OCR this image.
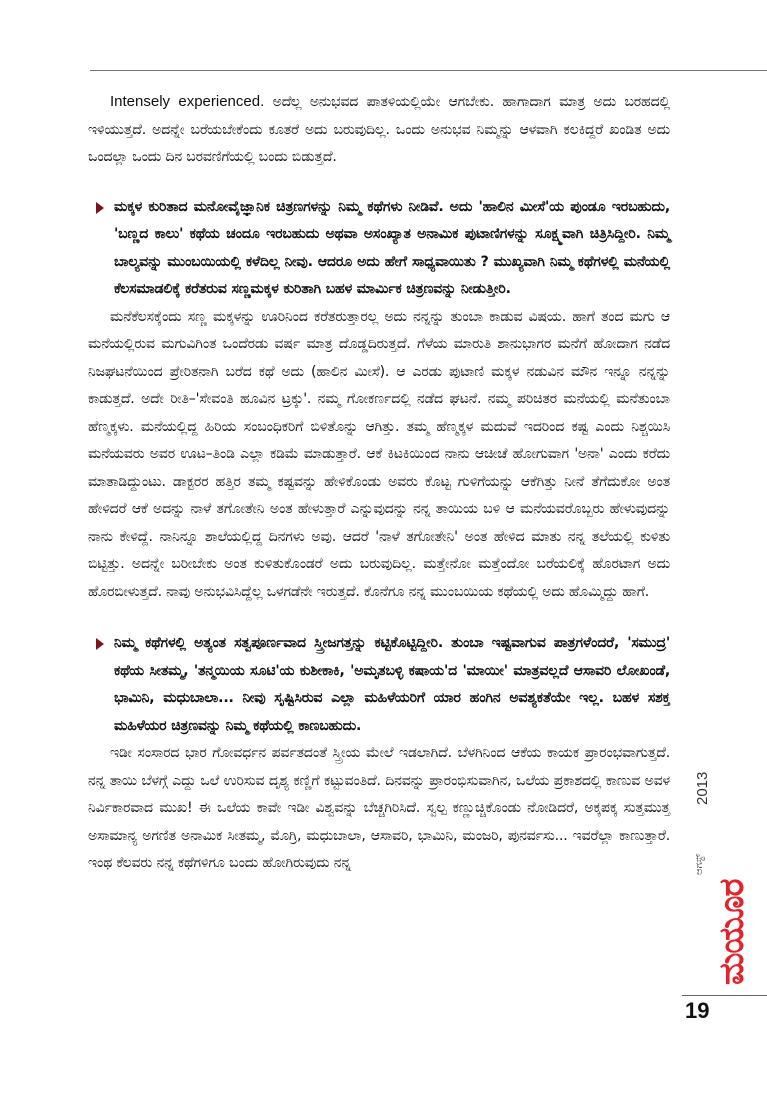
Intensely experienced. ಅದೆಲ್ಲ ಅನುಭವದ ಪಾತಳಿಯಲ್ಲಿಯೇ ಆಗಬೇಕು. ಹಾಗಾದಾಗ ಮಾತ್ರ ಅದು ಬರಹದಲ್ಲಿ ಇಳಿಯುತ್ತದೆ. ಅದನ್ನೇ ಬರೆಯಬೇಕೆಂದು ಕೂತರೆ ಅದು ಬರುವುದಿಲ್ಲ. ಒಂದು ಅನುಭವ ನಿಮ್ಮನ್ನು ಆಳವಾಗಿ ಕಲಕಿದ್ದರೆ ಖಂಡಿತ ಅದು ಒಂದಲ್ಲಾ ಒಂದು ದಿನ ಬರವಣಿಗೆಯಲ್ಲಿ ಬಂದು ಬಿಡುತ್ತದೆ.

ಮಕ್ಕಳ ಕುರಿತಾದ ಮನೋವೈಜ್ಞಾನಿಕ ಚಿತ್ರಣಗಳನ್ನು ನಿಮ್ಮ ಕಥೆಗಳು ನೀಡಿವೆ. ಅದು 'ಹಾಲಿನ ಮೀಸೆ'ಯ ಪುಂಡೂ ಇರಬಹುದು, 'ಬಣ್ಣದ ಕಾಲು' ಕಥೆಯ ಚಂದೂ ಇರಬಹುದು ಅಥವಾ ಅಸಂಖ್ಯಾತ ಅನಾಮಿಕ ಪುಟಾಣಿಗಳನ್ನು ಸೂಕ್ಷ್ಮವಾಗಿ ಚಿತ್ರಿಸಿದ್ದೀರಿ. ನಿಮ್ಮ ಬಾಲ್ಯವನ್ನು ಮುಂಬಯಿಯಲ್ಲಿ ಕಳೆದಿಲ್ಲ ನೀವು. ಆದರೂ ಅದು ಹೇಗೆ ಸಾಧ್ಯವಾಯಿತು ? ಮುಖ್ಯವಾಗಿ ನಿಮ್ಮ ಕಥೆಗಳಲ್ಲಿ ಮನೆಯಲ್ಲಿ ಕೆಲಸಮಾಡಲಿಕ್ಕೆ ಕರೆತರುವ ಸಣ್ಣಮಕ್ಕಳ ಕುರಿತಾಗಿ ಬಹಳ ಮಾರ್ಮಿಕ ಚಿತ್ರಣವನ್ನು ನೀಡುತ್ತೀರಿ.

ಮನೆಕೆಲಸಕ್ಕೆಂದು ಸಣ್ಣ ಮಕ್ಕಳನ್ನು ಊರಿನಿಂದ ಕರೆತರುತ್ತಾರಲ್ಲ ಅದು ನನ್ನನ್ನು ತುಂಬಾ ಕಾಡುವ ವಿಷಯ. ಹಾಗೆ ತಂದ ಮಗು ಆ ಮನೆಯಲ್ಲಿರುವ ಮಗುವಿಗಿಂತ ಒಂದೆರಡು ವರ್ಷ ಮಾತ್ರ ದೊಡ್ಡದಿರುತ್ತದೆ. ಗೆಳೆಯ ಮಾರುತಿ ಶಾನುಭಾಗರ ಮನೆಗೆ ಹೋದಾಗ ನಡೆದ ನಿಜಘಟನೆಯಿಂದ ಪ್ರೇರಿತನಾಗಿ ಬರೆದ ಕಥೆ ಅದು (ಹಾಲಿನ ಮೀಸೆ). ಆ ಎರಡು ಪುಟಾಣಿ ಮಕ್ಕಳ ನಡುವಿನ ಮೌನ ಇನ್ನೂ ನನ್ನನ್ನು ಕಾಡುತ್ತದೆ. ಅದೇ ರೀತಿ–'ಸೇವಂತಿ ಹೂವಿನ ಟ್ರಕ್ಕು'. ನಮ್ಮ ಗೋಕರ್ಣದಲ್ಲಿ ನಡೆದ ಘಟನೆ. ನಮ್ಮ ಪರಿಚಿತರ ಮನೆಯಲ್ಲಿ ಮನೆತುಂಬಾ ಹೆಣ್ಮಕ್ಕಳು. ಮನೆಯಲ್ಲಿದ್ದ ಹಿರಿಯ ಸಂಬಂಧಿಕರಿಗೆ ಬಿಳಿತೊನ್ನು ಆಗಿತ್ತು. ತಮ್ಮ ಹೆಣ್ಮಕ್ಕಳ ಮದುವೆ ಇದರಿಂದ ಕಷ್ಟ ಎಂದು ನಿಶ್ಚಯಿಸಿ ಮನೆಯವರು ಅವರ ಊಟ–ತಿಂಡಿ ಎಲ್ಲಾ ಕಡಿಮೆ ಮಾಡುತ್ತಾರೆ. ಆಕೆ ಕಿಟಕಿಯಿಂದ ನಾನು ಆಚೀಚೆ ಹೋಗುವಾಗ 'ಅನಾ' ಎಂದು ಕರೆದು ಮಾತಾಡಿದ್ದುಂಟು. ಡಾಕ್ಟರರ ಹತ್ತಿರ ತಮ್ಮ ಕಷ್ಟವನ್ನು ಹೇಳಿಕೊಂಡು ಅವರು ಕೊಟ್ಟ ಗುಳಿಗೆಯನ್ನು ಆಕೆಗಿತ್ತು ನೀನೆ ತೆಗೆದುಕೋ ಅಂತ ಹೇಳಿದರೆ ಆಕೆ ಅದನ್ನು ನಾಳೆ ತಗೋತೇನಿ ಅಂತ ಹೇಳುತ್ತಾರೆ ಎನ್ನುವುದನ್ನು ನನ್ನ ತಾಯಿಯ ಬಳಿ ಆ ಮನೆಯವರೊಬ್ಬರು ಹೇಳುವುದನ್ನು ನಾನು ಕೇಳಿದ್ದೆ. ನಾನಿನ್ನೂ ಶಾಲೆಯಲ್ಲಿದ್ದ ದಿನಗಳು ಅವು. ಆದರೆ 'ನಾಳೆ ತಗೋತೇನಿ' ಅಂತ ಹೇಳಿದ ಮಾತು ನನ್ನ ತಲೆಯಲ್ಲಿ ಕುಳಿತು ಬಿಟ್ಟಿತ್ತು. ಅದನ್ನೇ ಬರೀಬೇಕು ಅಂತ ಕುಳಿತುಕೊಂಡರೆ ಅದು ಬರುವುದಿಲ್ಲ. ಮತ್ತೇನೋ ಮತ್ತೆಂದೋ ಬರೆಯಲಿಕ್ಕೆ ಹೊರಟಾಗ ಅದು ಹೊರಬೀಳುತ್ತದೆ. ನಾವು ಅನುಭವಿಸಿದ್ದೆಲ್ಲ ಒಳಗಡೆನೇ ಇರುತ್ತದೆ. ಕೊನೆಗೂ ನನ್ನ ಮುಂಬಯಿಯ ಕಥೆಯಲ್ಲಿ ಅದು ಹೊಮ್ಮಿದ್ದು ಹಾಗೆ.

ನಿಮ್ಮ ಕಥೆಗಳಲ್ಲಿ ಅತ್ಯಂತ ಸತ್ವಪೂರ್ಣವಾದ ಸ್ತ್ರೀಜಗತ್ತನ್ನು ಕಟ್ಟಿಕೊಟ್ಟಿದ್ದೀರಿ. ತುಂಬಾ ಇಷ್ಟವಾಗುವ ಪಾತ್ರಗಳೆಂದರೆ, 'ಸಮುದ್ರ' ಕಥೆಯ ಸೀತಮ್ಮ, 'ತನ್ಮಯಿಯ ಸೂಟಿ'ಯ ಕುಶೀಕಾಕಿ, 'ಅಮೃತಬಳ್ಳಿ ಕಷಾಯ'ದ 'ಮಾಯೀ' ಮಾತ್ರವಲ್ಲದೆ ಆಸಾವರಿ ಲೋಖಂಡೆ, ಭಾಮಿನಿ, ಮಧುಬಾಲಾ... ನೀವು ಸೃಷ್ಟಿಸಿರುವ ಎಲ್ಲಾ ಮಹಿಳೆಯರಿಗೆ ಯಾರ ಹಂಗಿನ ಅವಶ್ಯಕತೆಯೇ ಇಲ್ಲ. ಬಹಳ ಸಶಕ್ತ ಮಹಿಳೆಯರ ಚಿತ್ರಣವನ್ನು ನಿಮ್ಮ ಕಥೆಯಲ್ಲಿ ಕಾಣಬಹುದು.

ಇಡೀ ಸಂಸಾರದ ಭಾರ ಗೋವರ್ಧನ ಪರ್ವತದಂತೆ ಸ್ತ್ರೀಯ ಮೇಲೆ ಇಡಲಾಗಿದೆ. ಬೆಳಗಿನಿಂದ ಆಕೆಯ ಕಾಯಕ ಪ್ರಾರಂಭವಾಗುತ್ತದೆ. ನನ್ನ ತಾಯಿ ಬೆಳಗ್ಗೆ ಎದ್ದು ಒಲೆ ಉರಿಸುವ ದೃಶ್ಯ ಕಣ್ಣಿಗೆ ಕಟ್ಟುವಂತಿದೆ. ದಿನವನ್ನು ಪ್ರಾರಂಭಿಸುವಾಗಿನ, ಒಲೆಯ ಪ್ರಕಾಶದಲ್ಲಿ ಕಾಣುವ ಅವಳ ನಿರ್ವಿಕಾರವಾದ ಮುಖ! ಈ ಒಲೆಯ ಕಾವೇ ಇಡೀ ವಿಶ್ವವನ್ನು ಬೆಚ್ಚಗಿರಿಸಿದೆ. ಸ್ವಲ್ಪ ಕಣ್ಣುಚ್ಚಿಕೊಂಡು ನೋಡಿದರೆ, ಅಕ್ಕಪಕ್ಕ ಸುತ್ತಮುತ್ತ ಅಸಾಮಾನ್ಯ ಅಗಣಿತ ಅನಾಮಿಕ ಸೀತಮ್ಮ, ಮೊಗ್ರಿ, ಮಧುಬಾಲಾ, ಆಸಾವರಿ, ಭಾಮಿನಿ, ಮಂಜರಿ, ಪುನರ್ವಸು... ಇವರೆಲ್ಲಾ ಕಾಣುತ್ತಾರೆ. ಇಂಥ ಕೆಲವರು ನನ್ನ ಕಥೆಗಳಿಗೂ ಬಂದು ಹೋಗಿರುವುದು ನನ್ನ

2013
ಆಗಸ್ಟ್
ಮಯೂರ
19
